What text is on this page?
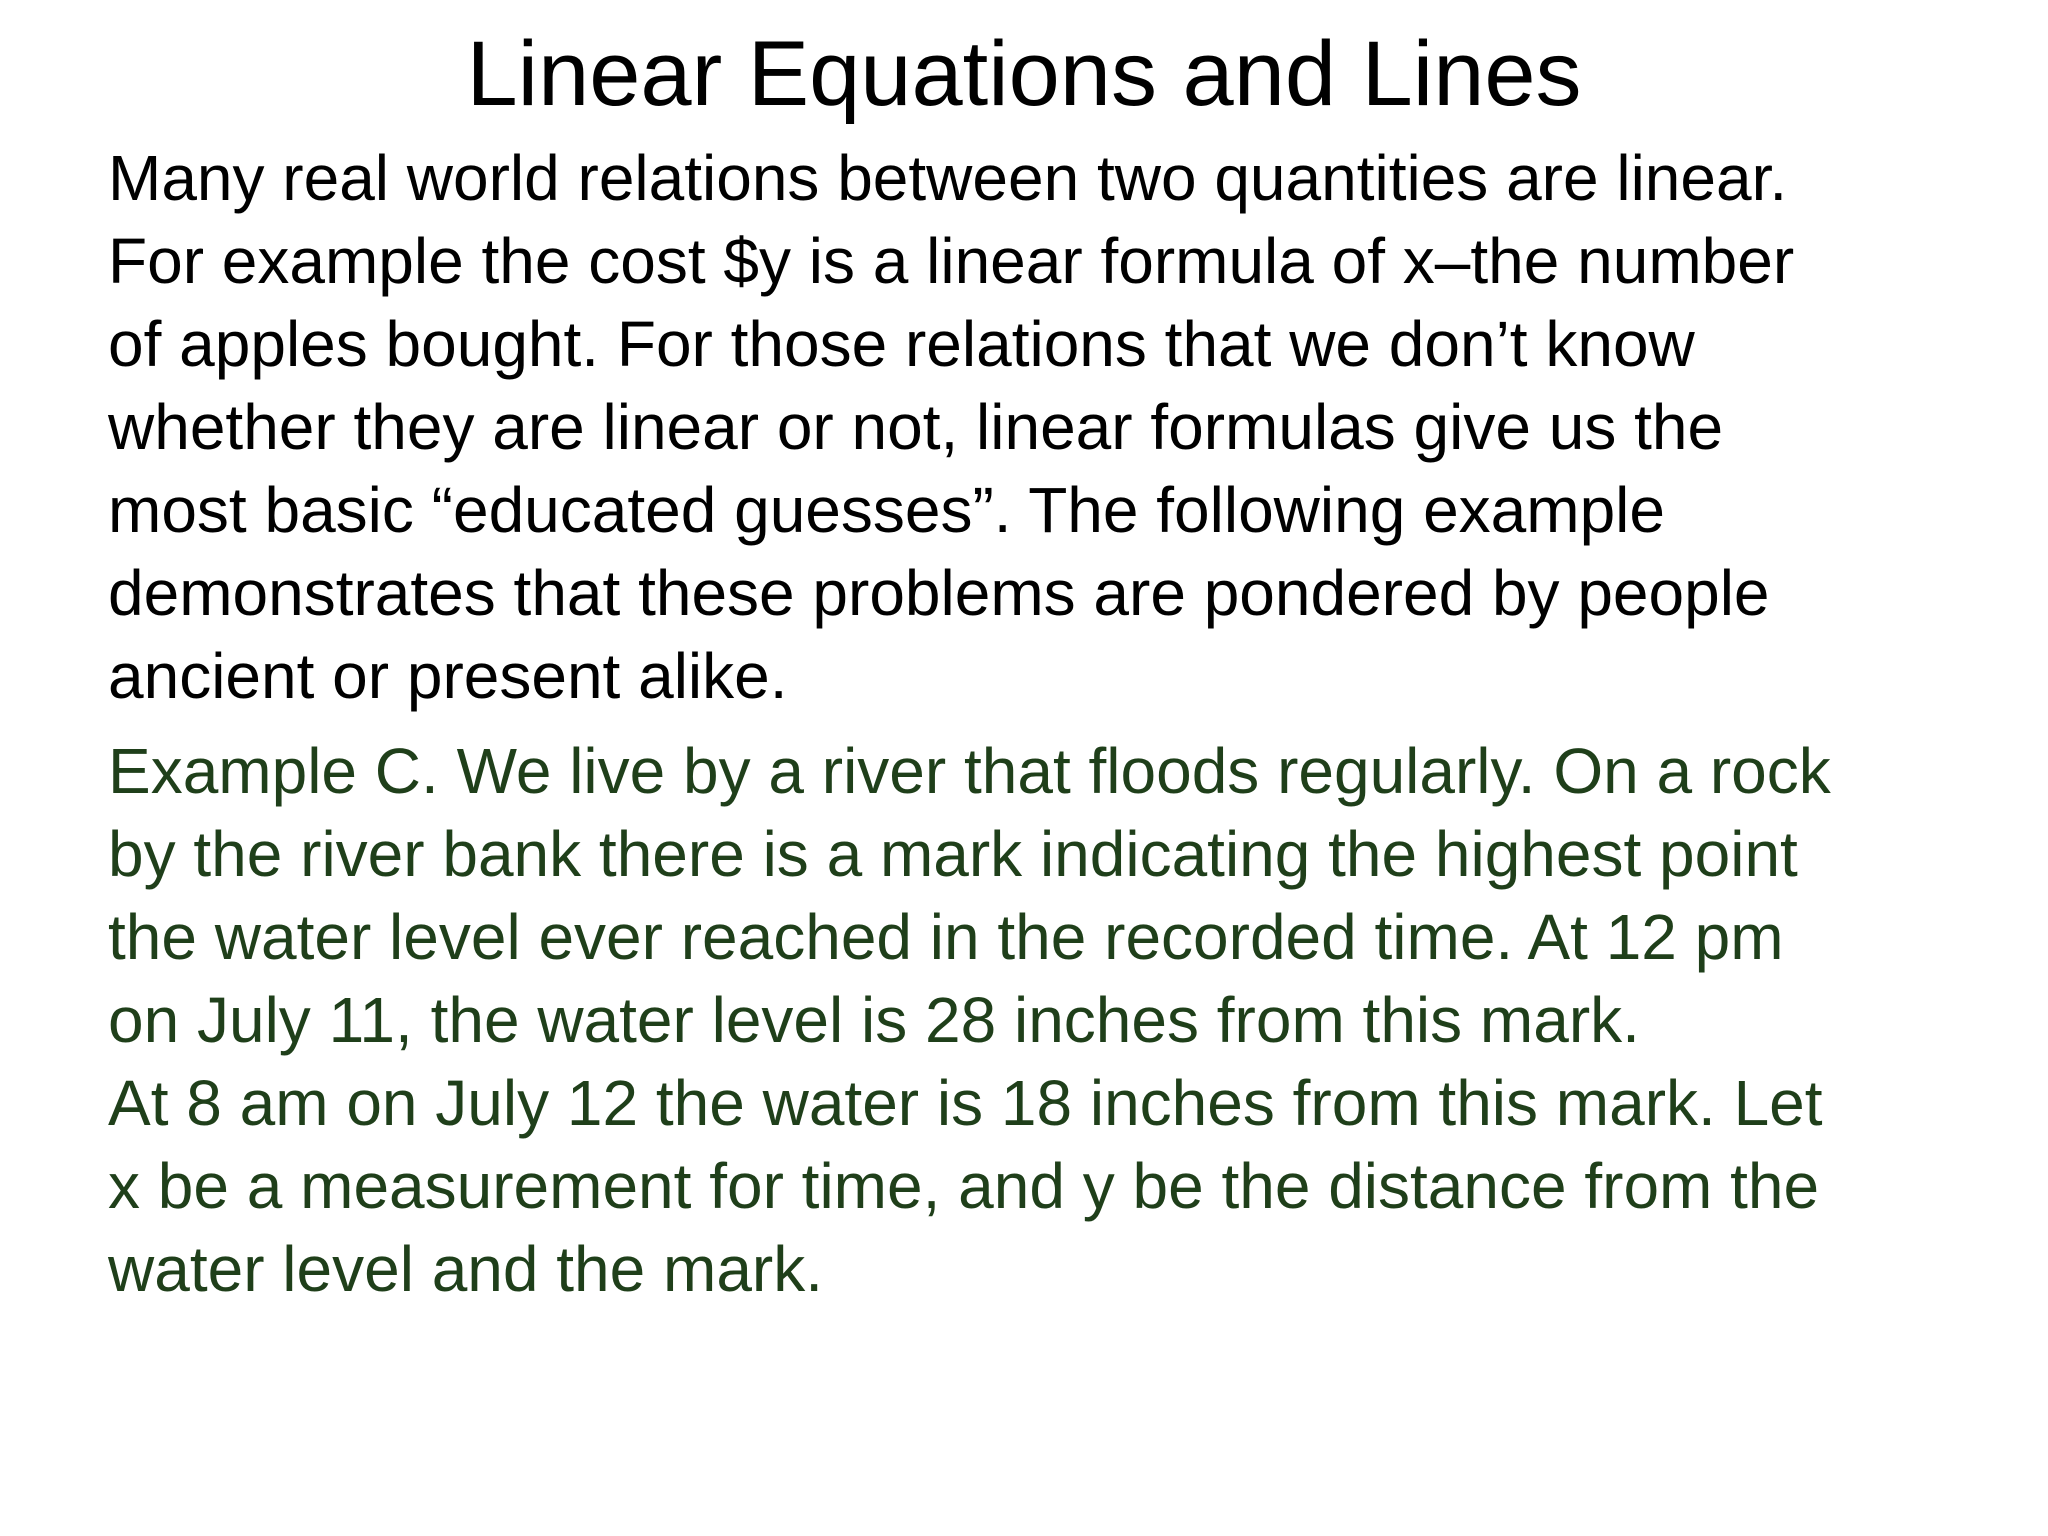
Linear Equations and Lines

Many real world relations between two quantities are linear.
For example the cost $y is a linear formula of x–the number
of apples bought. For those relations that we don’t know
whether they are linear or not, linear formulas give us the
most basic “educated guesses”. The following example
demonstrates that these problems are pondered by people
ancient or present alike.

Example C. We live by a river that floods regularly. On a rock
by the river bank there is a mark indicating the highest point
the water level ever reached in the recorded time. At 12 pm
on July 11, the water level is 28 inches from this mark.
At 8 am on July 12 the water is 18 inches from this mark. Let
x be a measurement for time, and y be the distance from the
water level and the mark.
